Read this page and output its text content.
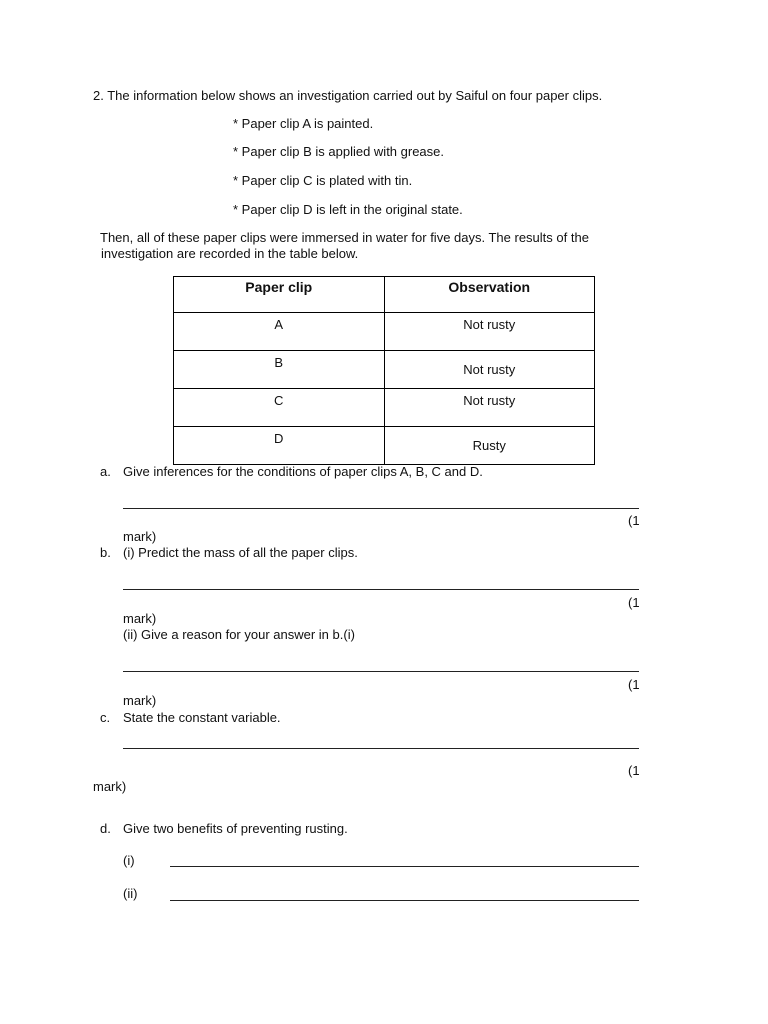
2. The information below shows an investigation carried out by Saiful on four paper clips.
* Paper clip A is painted.
* Paper clip B is applied with grease.
* Paper clip C is plated with tin.
* Paper clip D is left in the original state.
Then, all of these paper clips were immersed in water for five days. The results of the
investigation are recorded in the table below.
Paper clip	Observation
A	Not rusty
B	Not rusty
C	Not rusty
D	Rusty
a. Give inferences for the conditions of paper clips A, B, C and D.
(1
mark)
b. (i) Predict the mass of all the paper clips.
(1
mark)
(ii) Give a reason for your answer in b.(i)
(1
mark)
c. State the constant variable.
(1
mark)
d. Give two benefits of preventing rusting.
(i)
(ii)
